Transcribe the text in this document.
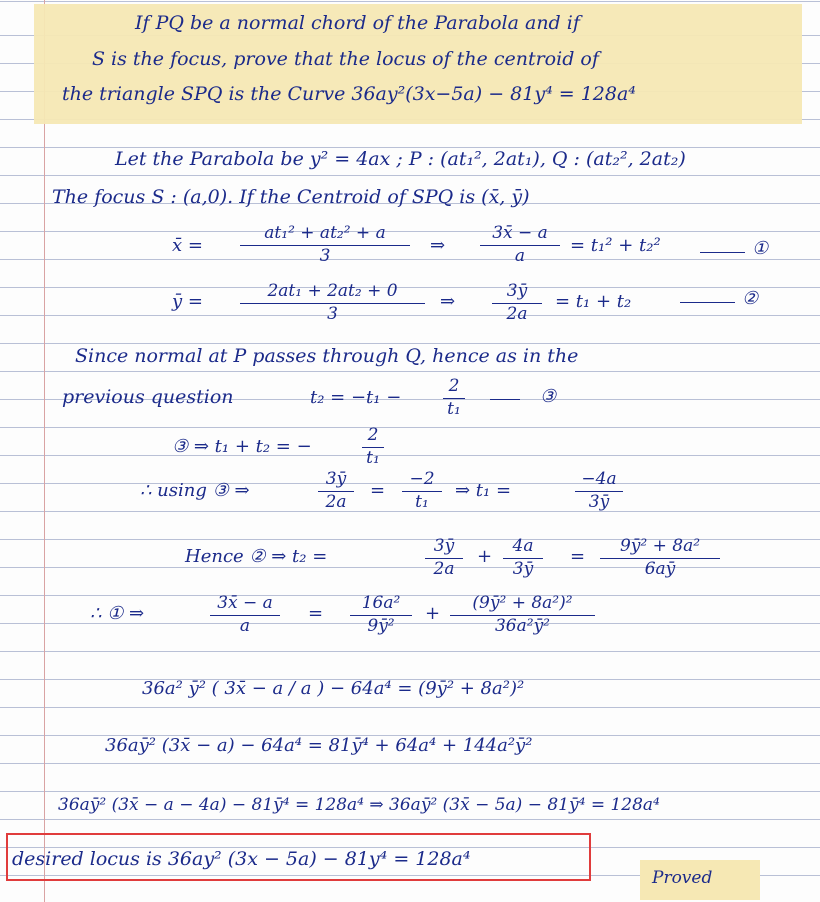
If PQ be a normal chord of the Parabola and if

S is the focus, prove that the locus of the centroid of

the triangle SPQ is the Curve 36ay²(3x−5a) − 81y⁴ = 128a⁴

Let the Parabola be y² = 4ax ; P : (at₁², 2at₁), Q : (at₂², 2at₂)

The focus S : (a,0). If the Centroid of SPQ is (x̄, ȳ)

x̄ =
at₁² + at₂² + a
3	⇒
3x̄ − a
a	= t₁² + t₂²	①
ȳ =	2at₁ + 2at₂ + 0
3
⇒	3ȳ
2a
= t₁ + t₂	②

Since normal at P passes through Q, hence as in the

previous question	t₂ = −t₁ −
2
t₁
③
③ ⇒ t₁ + t₂ = −
2
t₁
∴ using ③ ⇒
3ȳ
2a
=
−2
t₁
⇒ t₁ =
−4a
3ȳ
Hence ② ⇒ t₂ =	3ȳ
2a
+	4a
3ȳ
=	9ȳ² + 8a²
6aȳ
∴ ① ⇒	3x̄ − a
a
=	16a²
9ȳ²
+	(9ȳ² + 8a²)²
36a²ȳ²

36a² ȳ² ( 3x̄ − a / a ) − 64a⁴ = (9ȳ² + 8a²)²

36aȳ² (3x̄ − a) − 64a⁴ = 81ȳ⁴ + 64a⁴ + 144a²ȳ²

36aȳ² (3x̄ − a − 4a) − 81ȳ⁴ = 128a⁴ ⇒ 36aȳ² (3x̄ − 5a) − 81ȳ⁴ = 128a⁴

desired locus is 36ay² (3x − 5a) − 81y⁴ = 128a⁴

Proved
